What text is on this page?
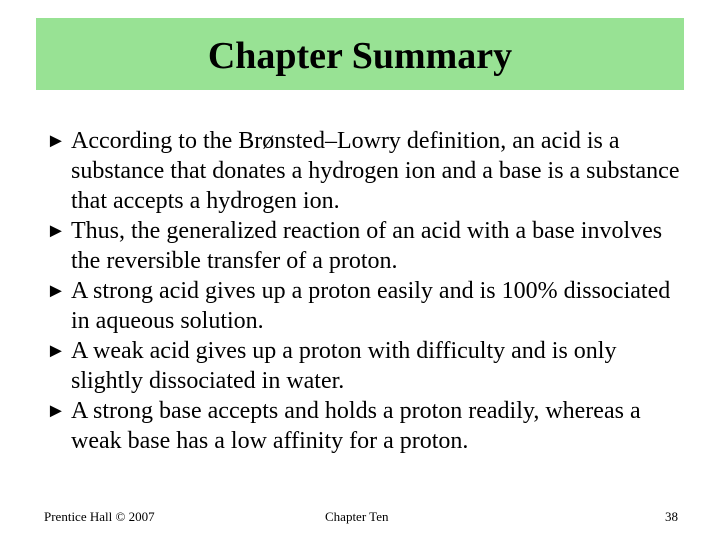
Chapter Summary
► According to the Brønsted–Lowry definition, an acid is a substance that donates a hydrogen ion and a base is a substance that accepts a hydrogen ion.
► Thus, the generalized reaction of an acid with a base involves the reversible transfer of a proton.
► A strong acid gives up a proton easily and is 100% dissociated in aqueous solution.
► A weak acid gives up a proton with difficulty and is only slightly dissociated in water.
► A strong base accepts and holds a proton readily, whereas a weak base has a low affinity for a proton.
Prentice Hall © 2007	Chapter Ten	38
